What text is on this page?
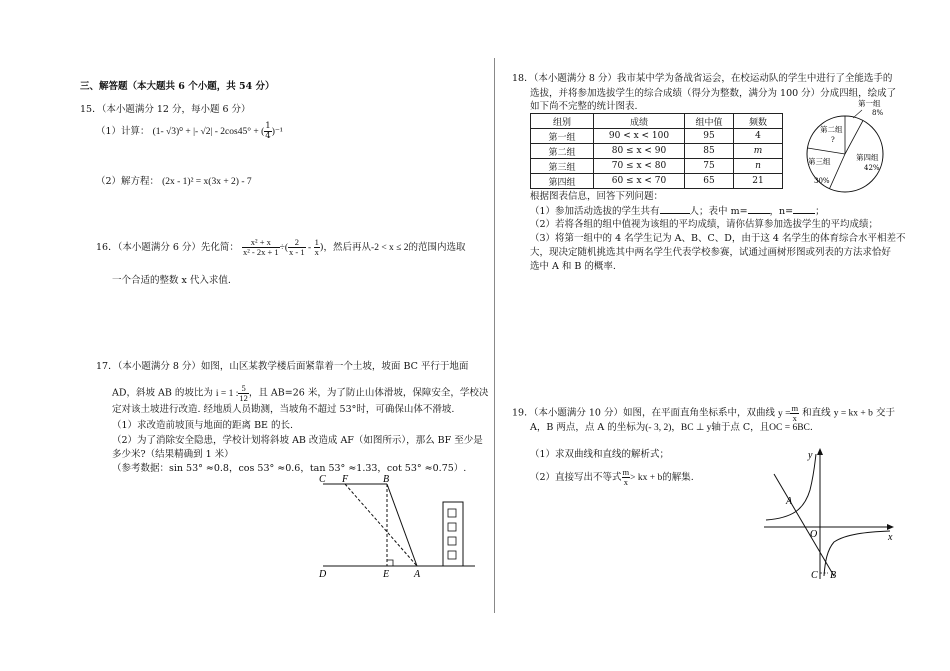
三、解答题（本大题共 6 个小题，共 54 分）
15．（本小题满分 12 分，每小题 6 分）
（1）计算： (1- √3)⁰ + |- √2| - 2cos45° + ( $\frac{1}{4} )^{-1}$
（2）解方程： (2x - 1)² = x(3x + 2) - 7
16．（本小题满分 6 分）先化简： $\frac{\text{x² + x}}{\text{x² - 2x + 1}}$ ÷( $\frac{2}{x - 1} - \frac{1}{x}$ )，然后再从-2 < x ≤ 2的范围内选取
一个合适的整数 x 代入求值.
17．（本小题满分 8 分）如图，山区某教学楼后面紧靠着一个土坡，坡面 BC 平行于地面
AD，斜坡 AB 的坡比为 i = 1 : $\frac{5}{12}$ ，且 AB=26 米，为了防止山体滑坡，保障安全，学校决
定对该土坡进行改造. 经地质人员勘测，当坡角不超过 53°时，可确保山体不滑坡.
（1）求改造前坡顶与地面的距离 BE 的长.
（2）为了消除安全隐患，学校计划将斜坡 AB 改造成 AF（如图所示），那么 BF 至少是
多少米?（结果精确到 1 米）
（参考数据：sin 53° ≈0.8，cos 53° ≈0.6，tan 53° ≈1.33，cot 53° ≈0.75）.
C F	B
D	E A
18．（本小题满分 8 分）我市某中学为备战省运会，在校运动队的学生中进行了全能选手的
选拔，并将参加选拔学生的综合成绩（得分为整数，满分为 100 分）分成四组，绘成了
如下尚不完整的统计图表.
组别	成绩	组中值	频数
第一组	90 < x < 100	95	4
第二组	80 ≤ x < 90	85	m
第三组	70 ≤ x < 80	75	n
第四组	60 ≤ x < 70	65	21
第一组
8%
第二组
?
第三组
30%
第四组
42%
根据图表信息，回答下列问题：
（1）参加活动选拔的学生共有	人；表中 m= ，n= ；
（2）若将各组的组中值视为该组的平均成绩，请你估算参加选拔学生的平均成绩；
（3）将第一组中的 4 名学生记为 A、B、C、D，由于这 4 名学生的体育综合水平相差不
大，现决定随机挑选其中两名学生代表学校参赛，试通过画树形图或列表的方法求恰好
选中 A 和 B 的概率.
19．（本小题满分 10 分）如图，在平面直角坐标系中，双曲线 $y = \frac{m}{x}$ 和直线 y = kx + b 交于
A，B 两点，点 A 的坐标为(- 3, 2)，BC ⊥ y轴于点 C，且OC = 6BC.
（1）求双曲线和直线的解析式；
（2）直接写出不等式 $\frac{m}{x}$ > kx + b的解集.
y
x
A
O
C B
